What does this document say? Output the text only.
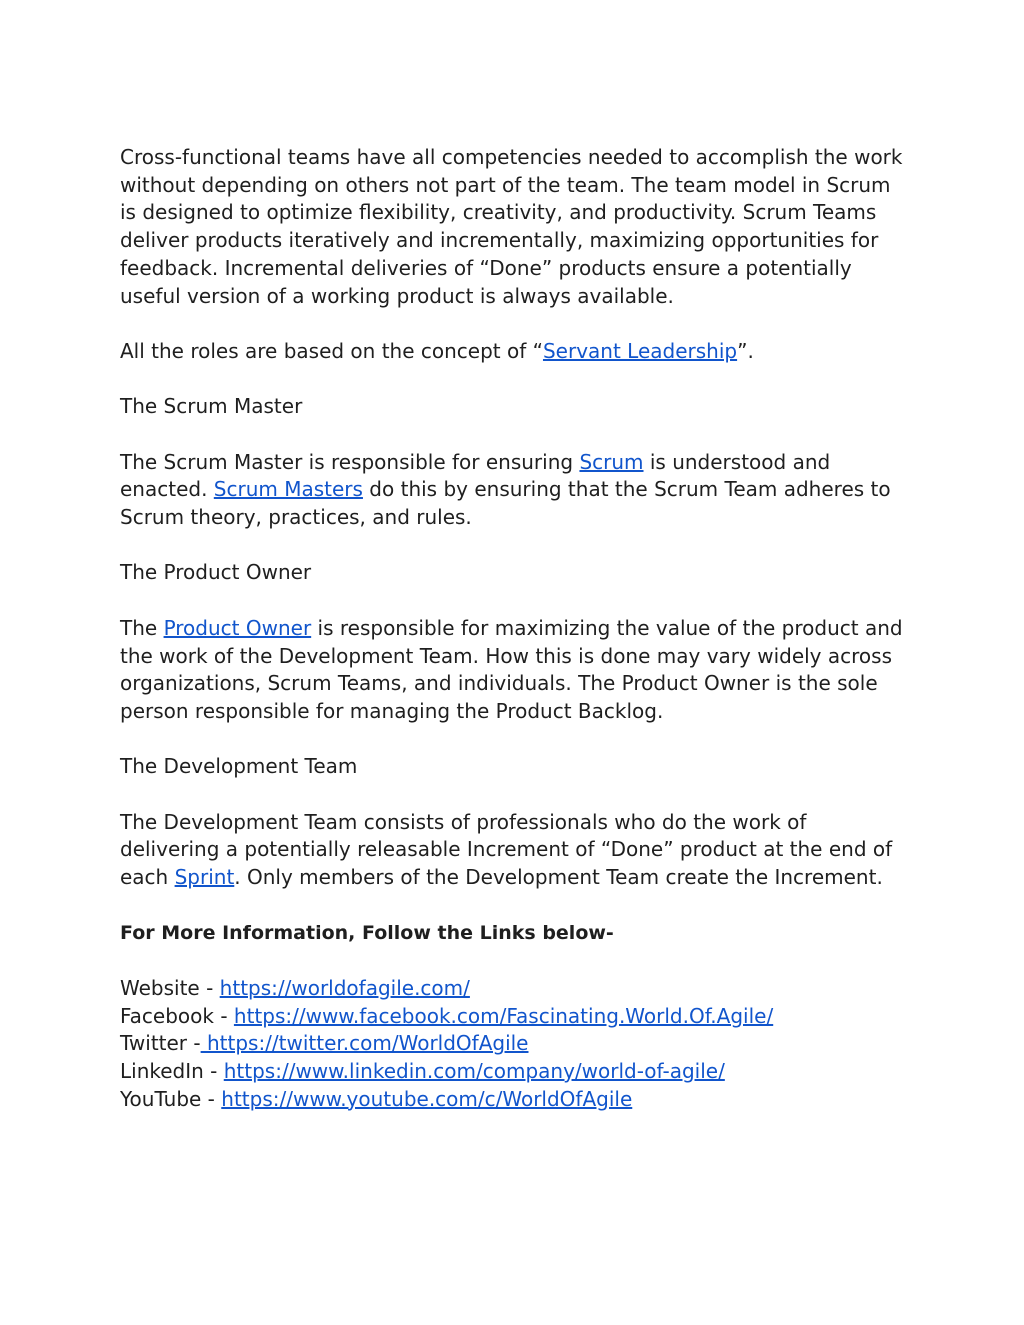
Cross-functional teams have all competencies needed to accomplish the work without depending on others not part of the team. The team model in Scrum is designed to optimize flexibility, creativity, and productivity. Scrum Teams deliver products iteratively and incrementally, maximizing opportunities for feedback. Incremental deliveries of “Done” products ensure a potentially useful version of a working product is always available.

All the roles are based on the concept of “Servant Leadership”.

The Scrum Master

The Scrum Master is responsible for ensuring Scrum is understood and enacted. Scrum Masters do this by ensuring that the Scrum Team adheres to Scrum theory, practices, and rules.

The Product Owner

The Product Owner is responsible for maximizing the value of the product and the work of the Development Team. How this is done may vary widely across organizations, Scrum Teams, and individuals. The Product Owner is the sole person responsible for managing the Product Backlog.

The Development Team

The Development Team consists of professionals who do the work of delivering a potentially releasable Increment of “Done” product at the end of each Sprint. Only members of the Development Team create the Increment.

For More Information, Follow the Links below-

Website - https://worldofagile.com/

Facebook - https://www.facebook.com/Fascinating.World.Of.Agile/

Twitter - https://twitter.com/WorldOfAgile

LinkedIn - https://www.linkedin.com/company/world-of-agile/

YouTube - https://www.youtube.com/c/WorldOfAgile
